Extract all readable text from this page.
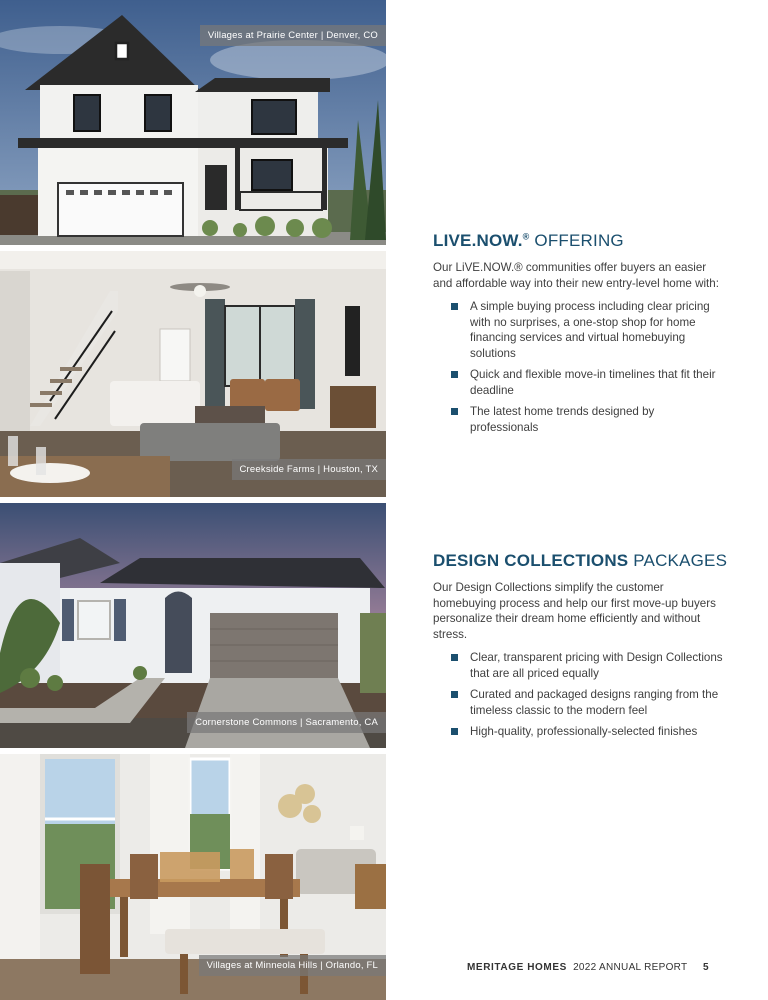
Villages at Prairie Center | Denver, CO
Creekside Farms | Houston, TX
Cornerstone Commons | Sacramento, CA
Villages at Minneola Hills | Orlando, FL
LIVE.NOW.® OFFERING

Our LiVE.NOW.® communities offer buyers an easier and affordable way into their new entry-level home with:

A simple buying process including clear pricing with no surprises, a one-stop shop for home financing services and virtual homebuying solutions
Quick and flexible move-in timelines that fit their deadline
The latest home trends designed by professionals
DESIGN COLLECTIONS PACKAGES

Our Design Collections simplify the customer homebuying process and help our first move-up buyers personalize their dream home efficiently and without stress.

Clear, transparent pricing with Design Collections that are all priced equally
Curated and packaged designs ranging from the timeless classic to the modern feel
High-quality, professionally-selected finishes
MERITAGE HOMES 2022 ANNUAL REPORT 5
